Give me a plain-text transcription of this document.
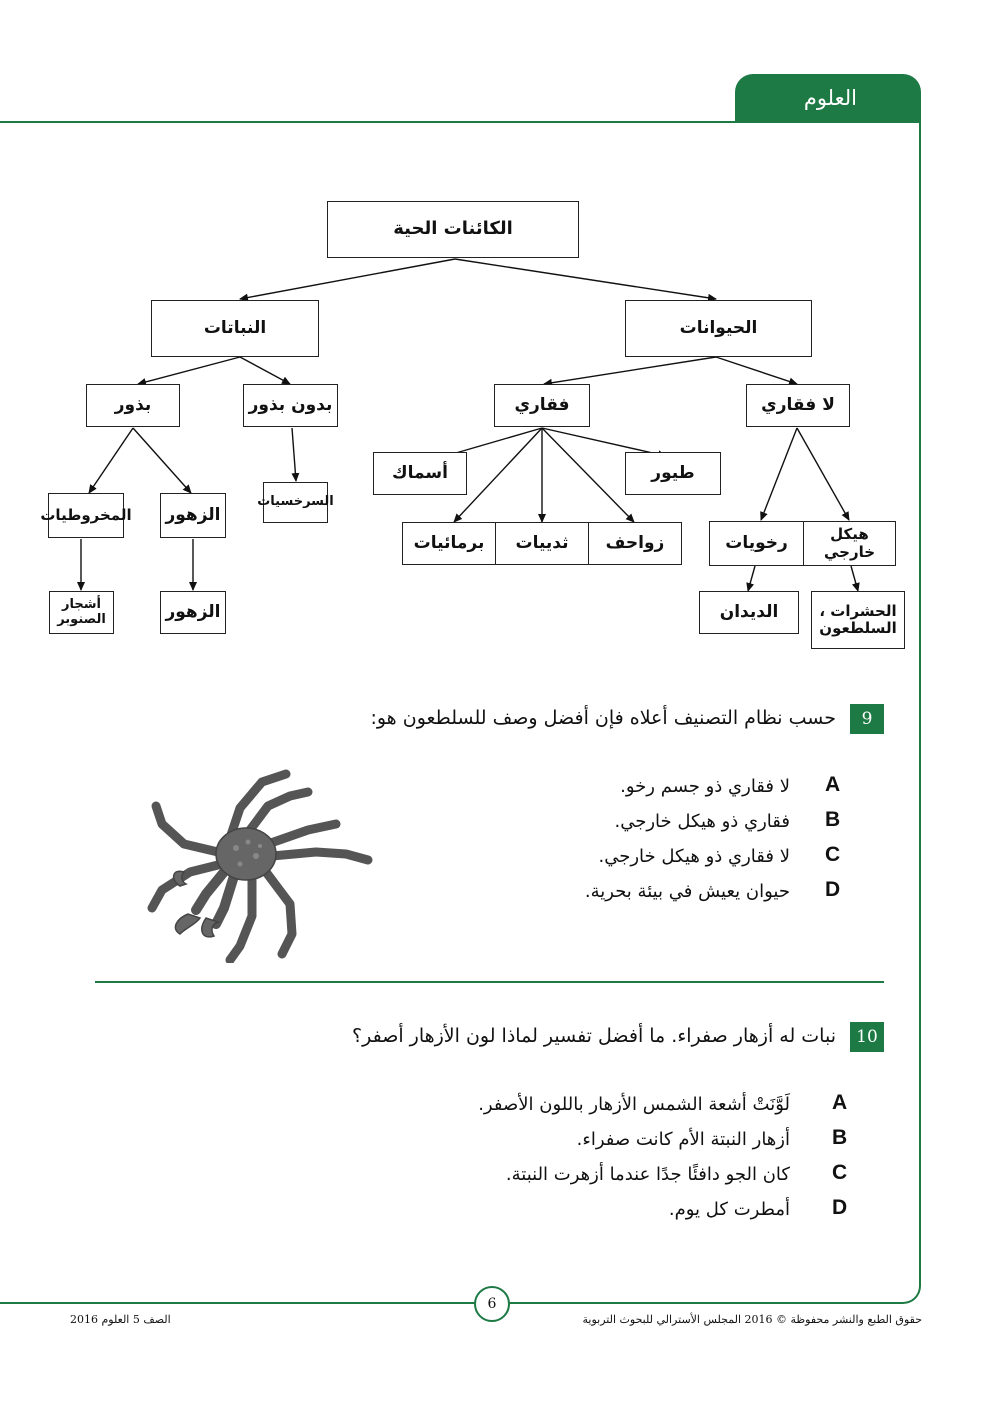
العلوم
الكائنات الحية
النباتات	الحيوانات
بذور	بدون بذور	فقاري	لا فقاري
المخروطيات الزهور
السرخسيات
أسماك	طيور
برمائيات ثدييات زواحف	رخويات	هيكل خارجي
أشجار الصنوبر	الزهور	الديدان	الحشرات ، السلطعون
9
حسب نظام التصنيف أعلاه فإن أفضل وصف للسلطعون هو:
A
لا فقاري ذو جسم رخو.
B
فقاري ذو هيكل خارجي.
C
لا فقاري ذو هيكل خارجي.
D
حيوان يعيش في بيئة بحرية.
10
نبات له أزهار صفراء. ما أفضل تفسير لماذا لون الأزهار أصفر؟
A
لَوَّنَتْ أشعة الشمس الأزهار باللون الأصفر.
B
أزهار النبتة الأم كانت صفراء.
C
كان الجو دافئًا جدًا عندما أزهرت النبتة.
D
أمطرت كل يوم.
6
حقوق الطبع والنشر محفوظة © 2016 المجلس الأسترالي للبحوث التربوية
الصف 5 العلوم 2016
